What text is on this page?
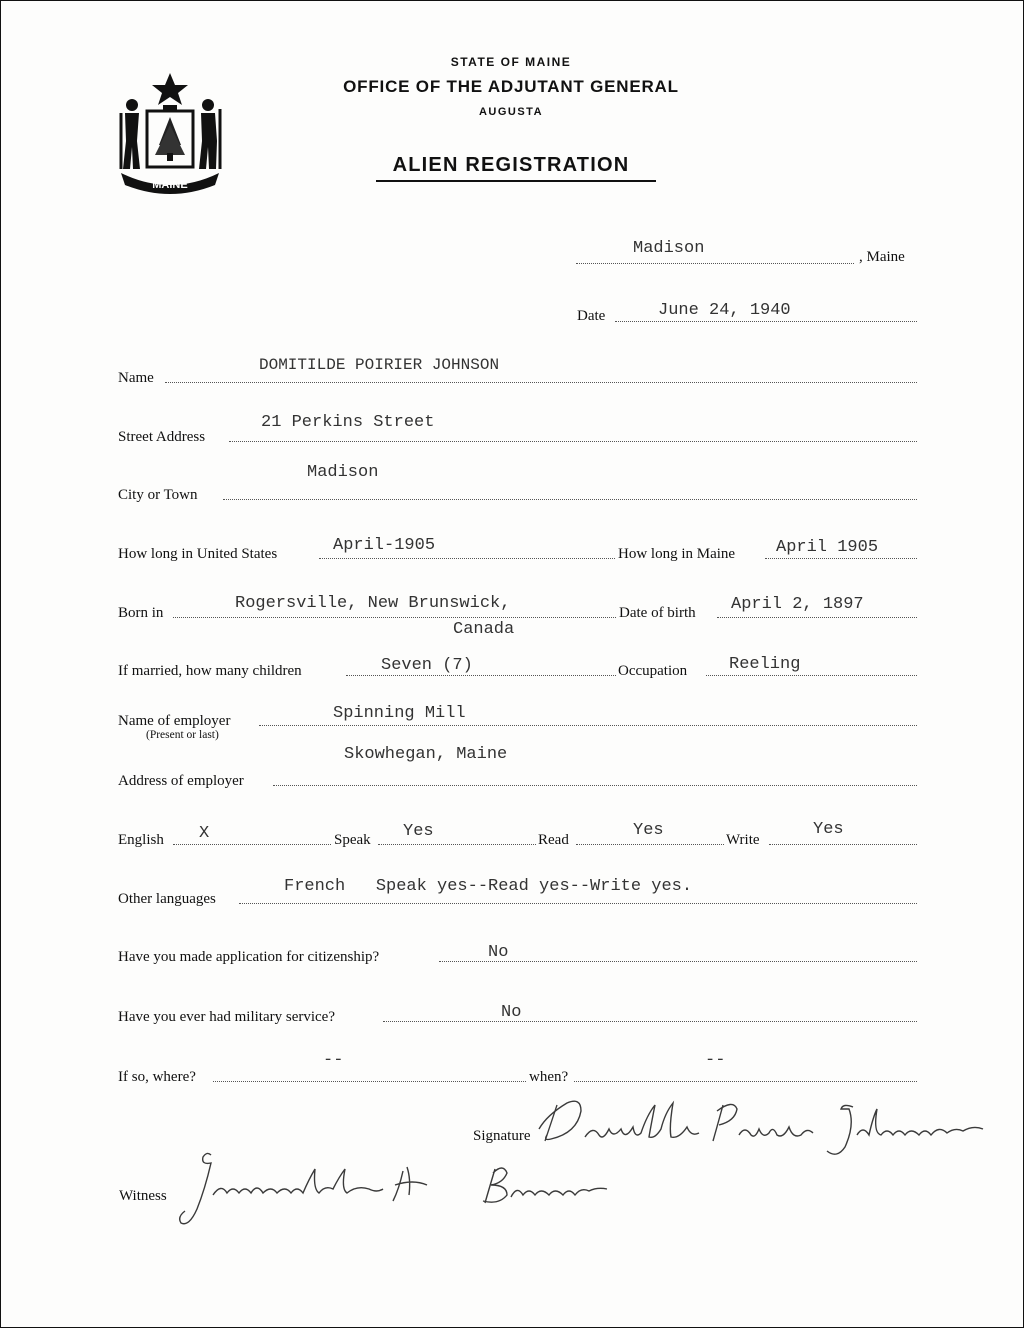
MAINE
STATE OF MAINE
OFFICE OF THE ADJUTANT GENERAL
AUGUSTA
ALIEN REGISTRATION
Madison	, Maine
Date	June 24, 1940
Name
DOMITILDE POIRIER JOHNSON
Street Address
21 Perkins Street
City or Town
Madison
How long in United States	April-1905	How long in Maine April 1905
Born in	Rogersville, New Brunswick,
Canada
Date of birth April 2, 1897
If married, how many children	Seven (7)	Occupation Reeling
Name of employer
(Present or last)
Spinning Mill
Address of employer
Skowhegan, Maine
English X	Speak Yes	Read	Yes	Write
Yes
Other languages
French   Speak yes--Read yes--Write yes.
Have you made application for citizenship?	No
Have you ever had military service?	No
If so, where?
--
when?
--
Signature
Domitilde Poirier Johnson
Witness
Jeannette H. Brown
